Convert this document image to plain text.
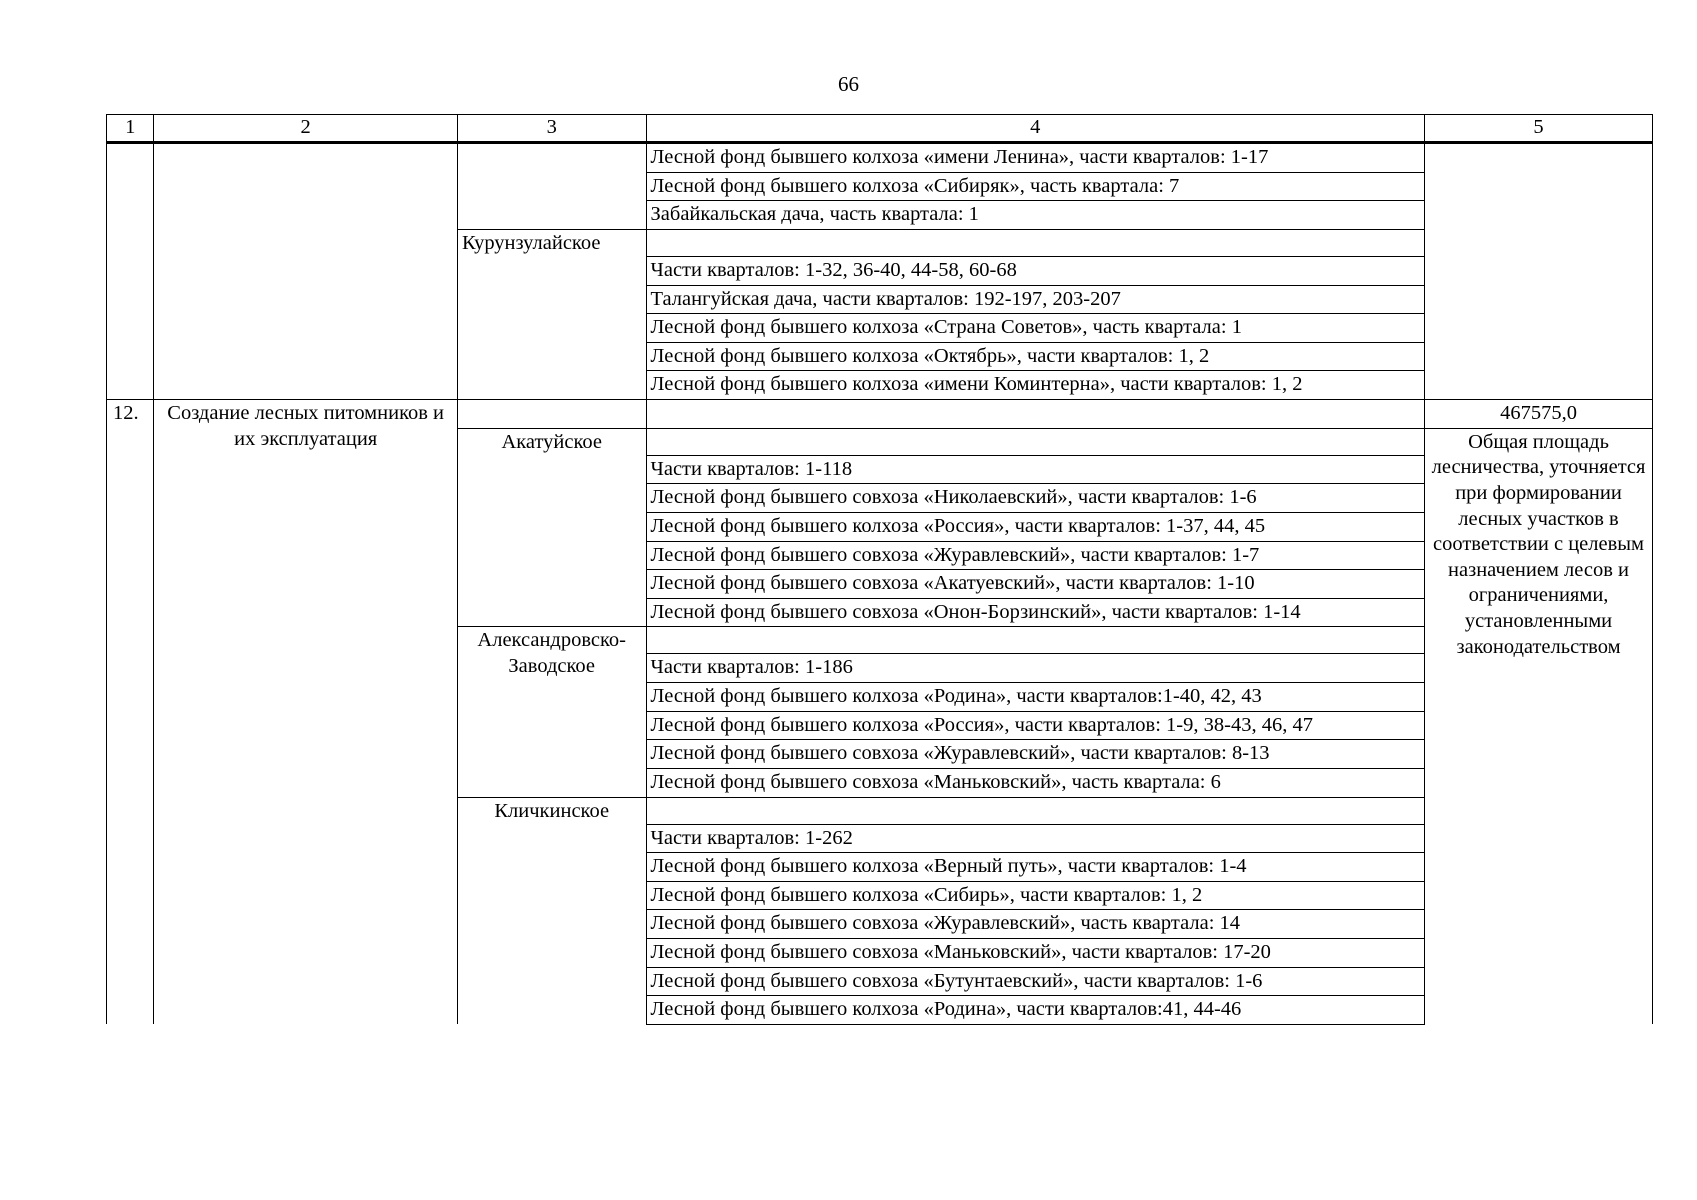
66
1	2	3	4	5
			Лесной фонд бывшего колхоза «имени Ленина», части кварталов: 1-17	
			Лесной фонд бывшего колхоза «Сибиряк», часть квартала: 7	
			Забайкальская дача, часть квартала: 1	
		Курунзулайское		
			Части кварталов: 1-32, 36-40, 44-58, 60-68	
			Талангуйская дача, части кварталов: 192-197, 203-207	
			Лесной фонд бывшего колхоза «Страна Советов», часть квартала: 1	
			Лесной фонд бывшего колхоза «Октябрь», части кварталов: 1, 2	
			Лесной фонд бывшего колхоза «имени Коминтерна», части кварталов: 1, 2	
12.	Создание лесных питомников и их эксплуатация			467575,0
		Акатуйское		Общая площадь лесничества, уточняется при формировании лесных участков в соответствии с целевым назначением лесов и ограничениями, установленными законодательством
			Части кварталов: 1-118	
			Лесной фонд бывшего совхоза «Николаевский», части кварталов: 1-6	
			Лесной фонд бывшего колхоза «Россия», части кварталов: 1-37, 44, 45	
			Лесной фонд бывшего совхоза «Журавлевский», части кварталов: 1-7	
			Лесной фонд бывшего совхоза «Акатуевский», части кварталов: 1-10	
			Лесной фонд бывшего совхоза «Онон-Борзинский», части кварталов: 1-14	
		Александровско-Заводское		
			Части кварталов: 1-186	
			Лесной фонд бывшего колхоза «Родина», части кварталов:1-40, 42, 43	
			Лесной фонд бывшего колхоза «Россия», части кварталов: 1-9, 38-43, 46, 47	
			Лесной фонд бывшего совхоза «Журавлевский», части кварталов: 8-13	
			Лесной фонд бывшего совхоза «Маньковский», часть квартала: 6	
		Кличкинское		
			Части кварталов: 1-262	
			Лесной фонд бывшего колхоза «Верный путь», части кварталов: 1-4	
			Лесной фонд бывшего колхоза «Сибирь», части кварталов: 1, 2	
			Лесной фонд бывшего совхоза «Журавлевский», часть квартала: 14	
			Лесной фонд бывшего совхоза «Маньковский», части кварталов: 17-20	
			Лесной фонд бывшего совхоза «Бутунтаевский», части кварталов: 1-6	
			Лесной фонд бывшего колхоза «Родина», части кварталов:41, 44-46	
